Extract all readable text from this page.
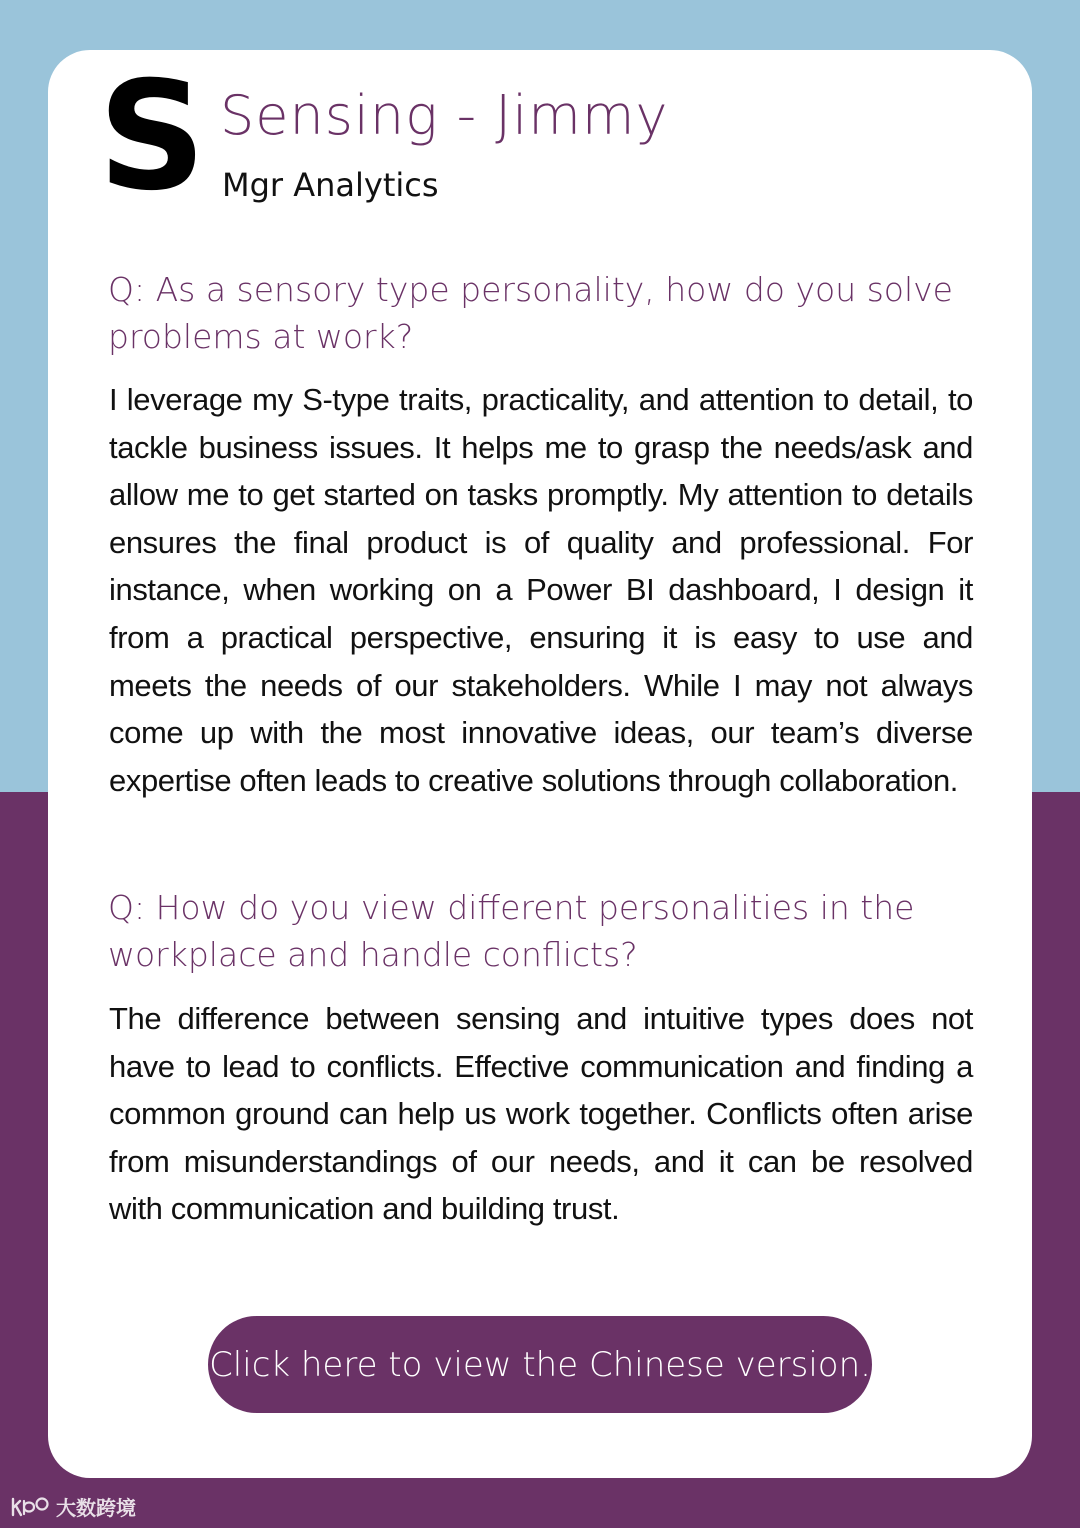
S Sensing - Jimmy
Mgr Analytics
Q: As a sensory type personality, how do you solve problems at work?
I leverage my S-type traits, practicality, and attention to detail, to tackle business issues. It helps me to grasp the needs/ask and allow me to get started on tasks promptly. My attention to details ensures the final product is of quality and professional. For instance, when working on a Power BI dashboard, I design it from a practical perspective, ensuring it is easy to use and meets the needs of our stakeholders. While I may not always come up with the most innovative ideas, our team’s diverse expertise often leads to creative solutions through collaboration.
Q: How do you view different personalities in the workplace and handle conflicts?
The difference between sensing and intuitive types does not have to lead to conflicts. Effective communication and finding a common ground can help us work together. Conflicts often arise from misunderstandings of our needs, and it can be resolved with communication and building trust.
Click here to view the Chinese version.
大数跨境
